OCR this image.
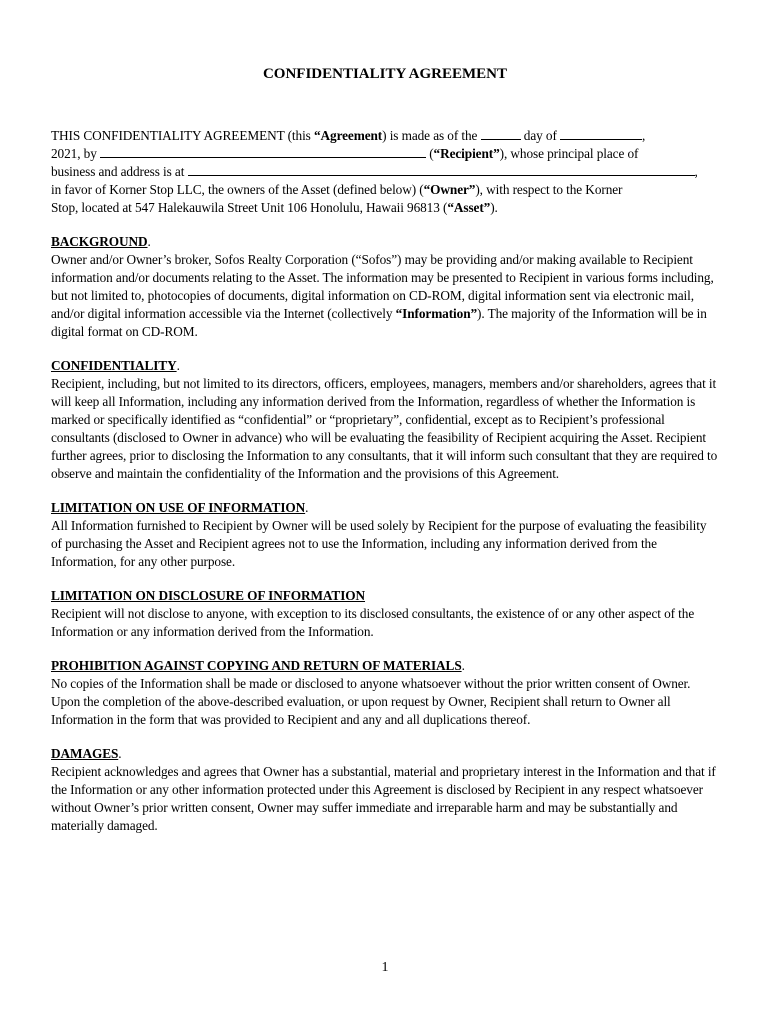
CONFIDENTIALITY AGREEMENT

THIS CONFIDENTIALITY AGREEMENT (this “Agreement) is made as of the	day of	,
2021, by	(“Recipient”), whose principal place of
business and address is at	,
in favor of Korner Stop LLC, the owners of the Asset (defined below) (“Owner”), with respect to the Korner
Stop, located at 547 Halekauwila Street Unit 106 Honolulu, Hawaii 96813 (“Asset”).

BACKGROUND.
Owner and/or Owner’s broker, Sofos Realty Corporation (“Sofos”) may be providing and/or making available to Recipient information and/or documents relating to the Asset. The information may be presented to Recipient in various forms including, but not limited to, photocopies of documents, digital information on CD-ROM, digital information sent via electronic mail, and/or digital information accessible via the Internet (collectively “Information”). The majority of the Information will be in digital format on CD-ROM.

CONFIDENTIALITY.
Recipient, including, but not limited to its directors, officers, employees, managers, members and/or shareholders, agrees that it will keep all Information, including any information derived from the Information, regardless of whether the Information is marked or specifically identified as “confidential” or “proprietary”, confidential, except as to Recipient’s professional consultants (disclosed to Owner in advance) who will be evaluating the feasibility of Recipient acquiring the Asset. Recipient further agrees, prior to disclosing the Information to any consultants, that it will inform such consultant that they are required to observe and maintain the confidentiality of the Information and the provisions of this Agreement.

LIMITATION ON USE OF INFORMATION.
All Information furnished to Recipient by Owner will be used solely by Recipient for the purpose of evaluating the feasibility of purchasing the Asset and Recipient agrees not to use the Information, including any information derived from the Information, for any other purpose.

LIMITATION ON DISCLOSURE OF INFORMATION
Recipient will not disclose to anyone, with exception to its disclosed consultants, the existence of or any other aspect of the Information or any information derived from the Information.

PROHIBITION AGAINST COPYING AND RETURN OF MATERIALS.
No copies of the Information shall be made or disclosed to anyone whatsoever without the prior written consent of Owner. Upon the completion of the above-described evaluation, or upon request by Owner, Recipient shall return to Owner all Information in the form that was provided to Recipient and any and all duplications thereof.

DAMAGES.
Recipient acknowledges and agrees that Owner has a substantial, material and proprietary interest in the Information and that if the Information or any other information protected under this Agreement is disclosed by Recipient in any respect whatsoever without Owner’s prior written consent, Owner may suffer immediate and irreparable harm and may be substantially and materially damaged.

1
